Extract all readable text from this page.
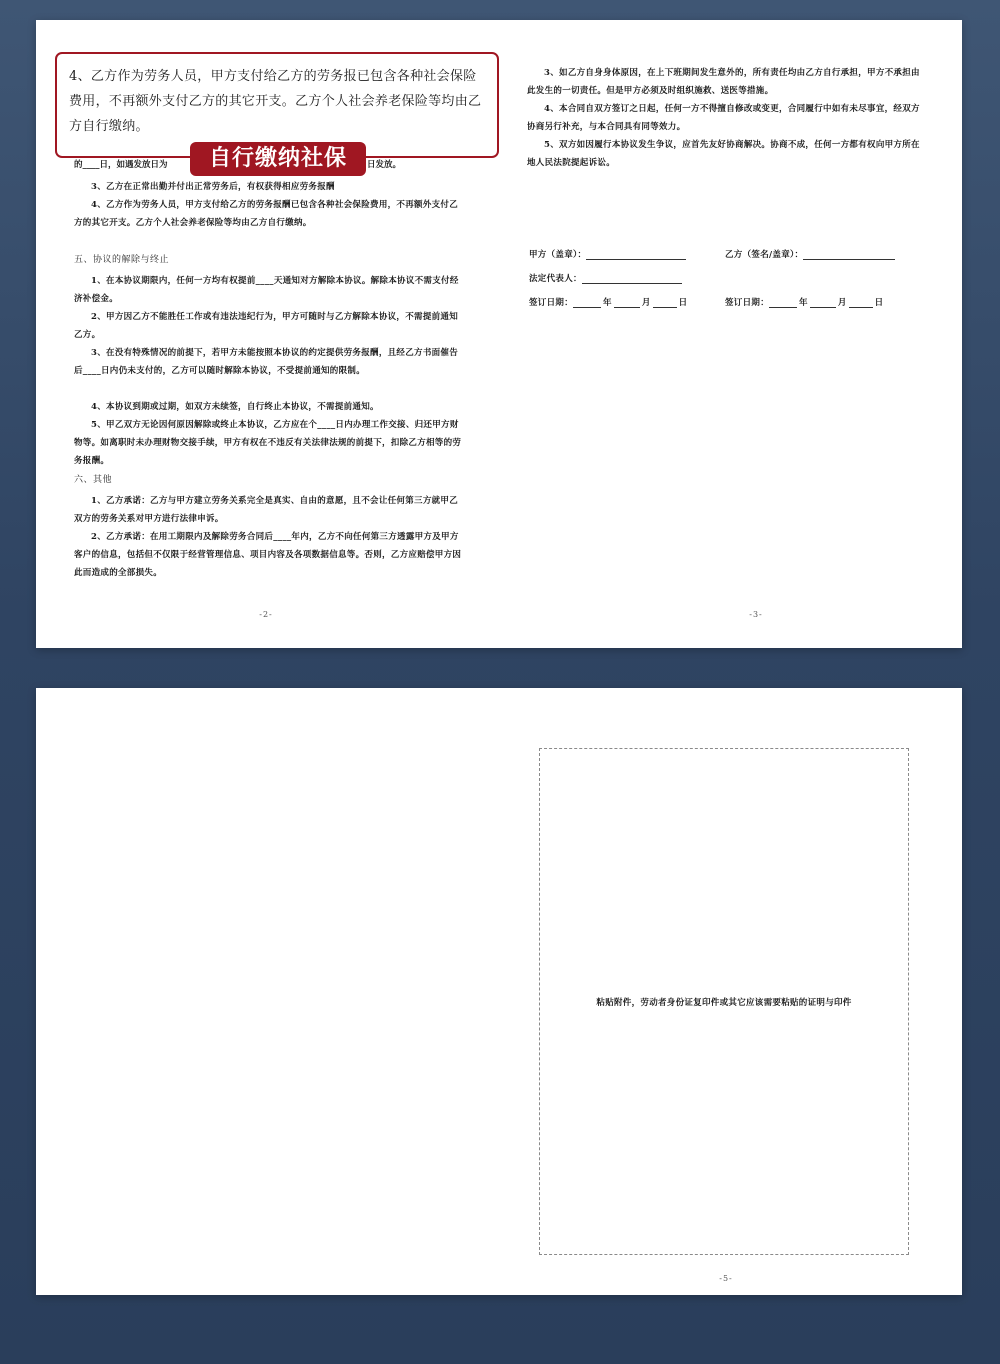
的____日，如遇发放日为	日发放。

3、乙方在正常出勤并付出正常劳务后，有权获得相应劳务报酬

4、乙方作为劳务人员，甲方支付给乙方的劳务报酬已包含各种社会保险费用，不再额外支付乙方的其它开支。乙方个人社会养老保险等均由乙方自行缴纳。

五、协议的解除与终止

1、在本协议期限内，任何一方均有权提前____天通知对方解除本协议。解除本协议不需支付经济补偿金。

2、甲方因乙方不能胜任工作或有违法违纪行为，甲方可随时与乙方解除本协议，不需提前通知乙方。

3、在没有特殊情况的前提下，若甲方未能按照本协议的约定提供劳务报酬，且经乙方书面催告后____日内仍未支付的，乙方可以随时解除本协议，不受提前通知的限制。

4、本协议到期或过期，如双方未续签，自行终止本协议，不需提前通知。

5、甲乙双方无论因何原因解除或终止本协议，乙方应在个____日内办理工作交接、归还甲方财物等。如离职时未办理财物交接手续，甲方有权在不违反有关法律法规的前提下，扣除乙方相等的劳务报酬。

六、其他

1、乙方承诺：乙方与甲方建立劳务关系完全是真实、自由的意愿，且不会让任何第三方就甲乙双方的劳务关系对甲方进行法律申诉。

2、乙方承诺：在用工期限内及解除劳务合同后____年内，乙方不向任何第三方透露甲方及甲方客户的信息，包括但不仅限于经营管理信息、项目内容及各项数据信息等。否则，乙方应赔偿甲方因此而造成的全部损失。

-2-

3、如乙方自身身体原因，在上下班期间发生意外的，所有责任均由乙方自行承担，甲方不承担由此发生的一切责任。但是甲方必须及时组织施救、送医等措施。

4、本合同自双方签订之日起，任何一方不得擅自修改或变更，合同履行中如有未尽事宜，经双方协商另行补充，与本合同具有同等效力。

5、双方如因履行本协议发生争议，应首先友好协商解决。协商不成，任何一方都有权向甲方所在地人民法院提起诉讼。

甲方（盖章）：	乙方（签名/盖章）：
法定代表人：
签订日期：	年	月	日	签订日期：	年	月	日
-3-

4、乙方作为劳务人员，甲方支付给乙方的劳务报已包含各种社会保险费用，不再额外支付乙方的其它开支。乙方个人社会养老保险等均由乙方自行缴纳。

自行缴纳社保
粘贴附件，劳动者身份证复印件或其它应该需要粘贴的证明与印件
-5-
